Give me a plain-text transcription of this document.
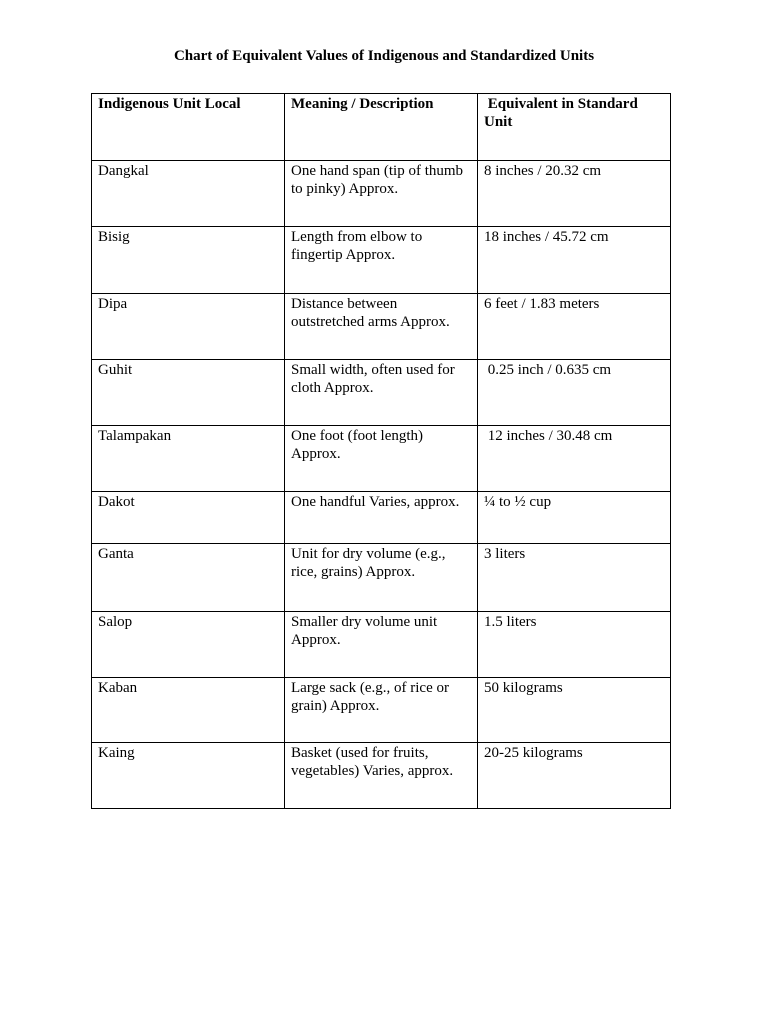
Chart of Equivalent Values of Indigenous and Standardized Units
Indigenous Unit Local	Meaning / Description	Equivalent in Standard Unit
Dangkal	One hand span (tip of thumb to pinky) Approx.	8 inches / 20.32 cm
Bisig	Length from elbow to fingertip Approx.	18 inches / 45.72 cm
Dipa	Distance between outstretched arms Approx.	6 feet / 1.83 meters
Guhit	Small width, often used for cloth Approx.	0.25 inch / 0.635 cm
Talampakan	One foot (foot length) Approx.	12 inches / 30.48 cm
Dakot	One handful Varies, approx.	¼ to ½ cup
Ganta	Unit for dry volume (e.g., rice, grains) Approx.	3 liters
Salop	Smaller dry volume unit Approx.	1.5 liters
Kaban	Large sack (e.g., of rice or grain) Approx.	50 kilograms
Kaing	Basket (used for fruits, vegetables) Varies, approx.	20-25 kilograms
